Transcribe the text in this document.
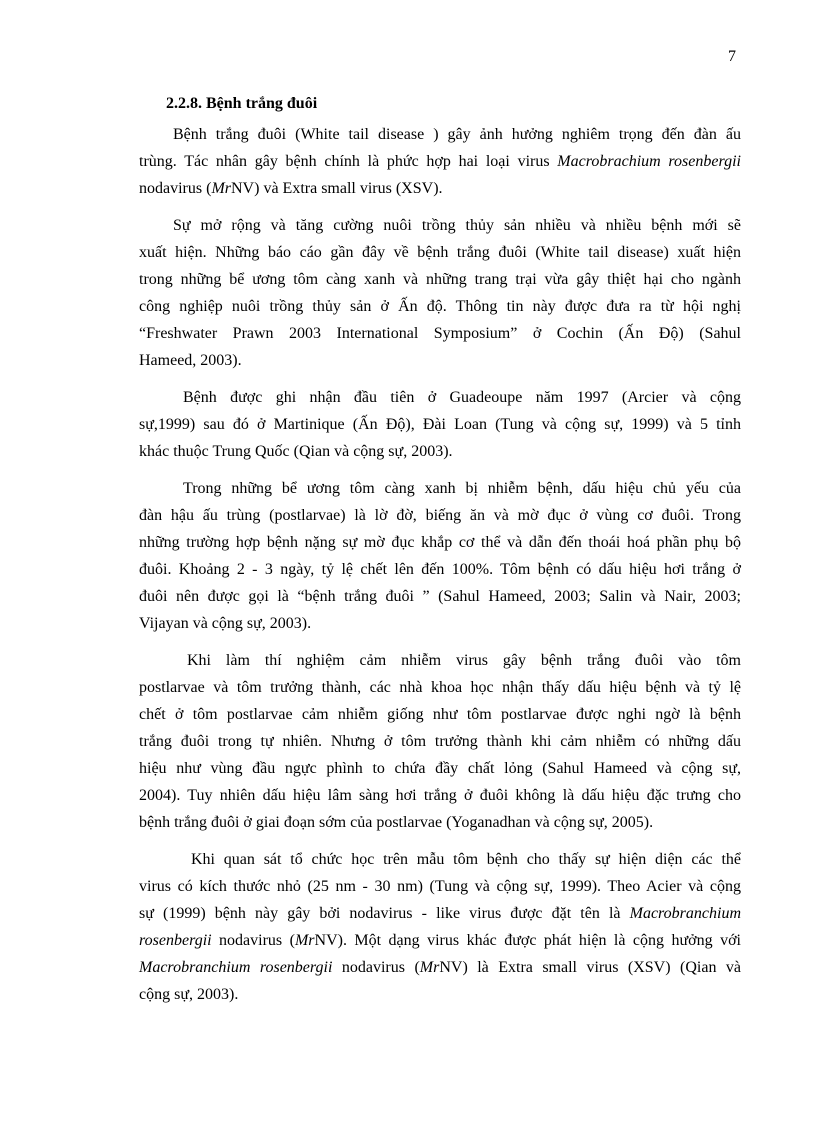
7
2.2.8. Bệnh trắng đuôi

Bệnh trắng đuôi (White tail disease ) gây ảnh hưởng nghiêm trọng đến đàn ấu
trùng. Tác nhân gây bệnh chính là phức hợp hai loại virus Macrobrachium rosenbergii
nodavirus (MrNV) và Extra small virus (XSV).

Sự mở rộng và tăng cường nuôi trồng thủy sản nhiều và nhiều bệnh mới sẽ
xuất hiện. Những báo cáo gần đây về bệnh trắng đuôi (White tail disease) xuất hiện
trong những bể ương tôm càng xanh và những trang trại vừa gây thiệt hại cho ngành
công nghiệp nuôi trồng thủy sản ở Ấn độ. Thông tin này được đưa ra từ hội nghị
“Freshwater Prawn 2003 International Symposium” ở Cochin (Ấn Độ) (Sahul
Hameed, 2003).

Bệnh được ghi nhận đầu tiên ở Guadeoupe năm 1997 (Arcier và cộng
sự,1999) sau đó ở Martinique (Ấn Độ), Đài Loan (Tung và cộng sự, 1999) và 5 tỉnh
khác thuộc Trung Quốc (Qian và cộng sự, 2003).

Trong những bể ương tôm càng xanh bị nhiễm bệnh, dấu hiệu chủ yếu của
đàn hậu ấu trùng (postlarvae) là lờ đờ, biếng ăn và mờ đục ở vùng cơ đuôi. Trong
những trường hợp bệnh nặng sự mờ đục khắp cơ thể và dẫn đến thoái hoá phần phụ bộ
đuôi. Khoảng 2 - 3 ngày, tỷ lệ chết lên đến 100%. Tôm bệnh có dấu hiệu hơi trắng ở
đuôi nên được gọi là “bệnh trắng đuôi ” (Sahul Hameed, 2003; Salin và Nair, 2003;
Vijayan và cộng sự, 2003).

Khi làm thí nghiệm cảm nhiễm virus gây bệnh trắng đuôi vào tôm
postlarvae và tôm trưởng thành, các nhà khoa học nhận thấy dấu hiệu bệnh và tỷ lệ
chết ở tôm postlarvae cảm nhiễm giống như tôm postlarvae được nghi ngờ là bệnh
trắng đuôi trong tự nhiên. Nhưng ở tôm trưởng thành khi cảm nhiễm có những dấu
hiệu như vùng đầu ngực phình to chứa đầy chất lỏng (Sahul Hameed và cộng sự,
2004). Tuy nhiên dấu hiệu lâm sàng hơi trắng ở đuôi không là dấu hiệu đặc trưng cho
bệnh trắng đuôi ở giai đoạn sớm của postlarvae (Yoganadhan và cộng sự, 2005).

Khi quan sát tổ chức học trên mẫu tôm bệnh cho thấy sự hiện diện các thể
virus có kích thước nhỏ (25 nm - 30 nm) (Tung và cộng sự, 1999). Theo Acier và cộng
sự (1999) bệnh này gây bởi nodavirus - like virus được đặt tên là Macrobranchium
rosenbergii nodavirus (MrNV). Một dạng virus khác được phát hiện là cộng hưởng với
Macrobranchium rosenbergii nodavirus (MrNV) là Extra small virus (XSV) (Qian và
cộng sự, 2003).
